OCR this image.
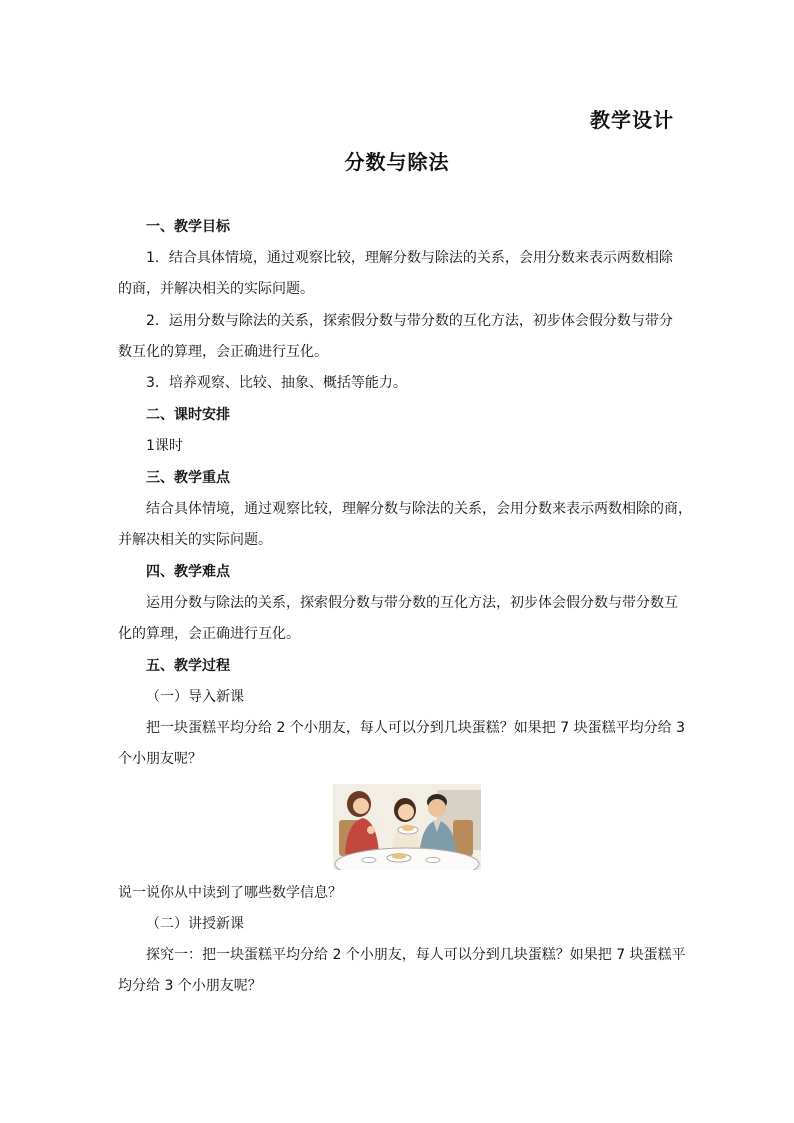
教学设计
分数与除法
一、教学目标
1．结合具体情境，通过观察比较，理解分数与除法的关系，会用分数来表示两数相除
的商，并解决相关的实际问题。
2．运用分数与除法的关系，探索假分数与带分数的互化方法，初步体会假分数与带分
数互化的算理，会正确进行互化。
3．培养观察、比较、抽象、概括等能力。
二、课时安排
1课时
三、教学重点
结合具体情境，通过观察比较，理解分数与除法的关系，会用分数来表示两数相除的商，
并解决相关的实际问题。
四、教学难点
运用分数与除法的关系，探索假分数与带分数的互化方法，初步体会假分数与带分数互
化的算理，会正确进行互化。
五、教学过程
（一）导入新课
把一块蛋糕平均分给 2 个小朋友，每人可以分到几块蛋糕？如果把 7 块蛋糕平均分给 3
个小朋友呢？
说一说你从中读到了哪些数学信息？
（二）讲授新课
探究一：把一块蛋糕平均分给 2 个小朋友，每人可以分到几块蛋糕？如果把 7 块蛋糕平
均分给 3 个小朋友呢？
